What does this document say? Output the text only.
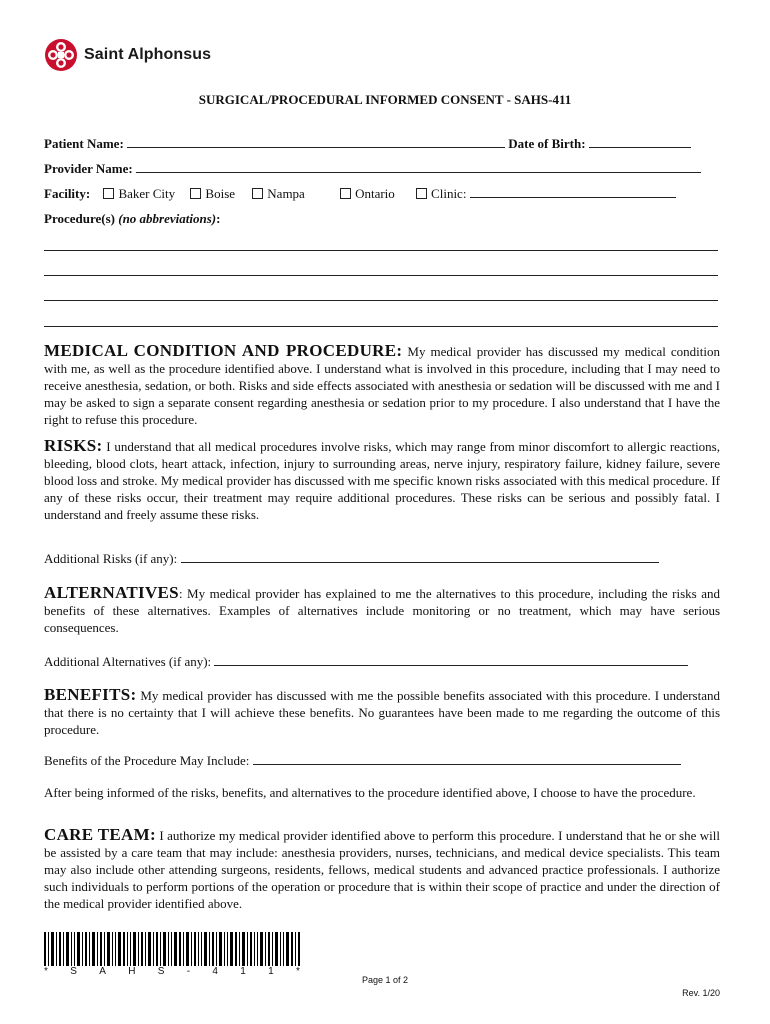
Saint Alphonsus
SURGICAL/PROCEDURAL INFORMED CONSENT - SAHS-411
Patient Name:	Date of Birth:
Provider Name:
Facility: Baker City Boise Nampa	Ontario	Clinic:
Procedure(s) (no abbreviations):
MEDICAL CONDITION AND PROCEDURE: My medical provider has discussed my medical condition with me, as well as the procedure identified above. I understand what is involved in this procedure, including that I may need to receive anesthesia, sedation, or both. Risks and side effects associated with anesthesia or sedation will be discussed with me and I may be asked to sign a separate consent regarding anesthesia or sedation prior to my procedure. I also understand that I have the right to refuse this procedure.
RISKS: I understand that all medical procedures involve risks, which may range from minor discomfort to allergic reactions, bleeding, blood clots, heart attack, infection, injury to surrounding areas, nerve injury, respiratory failure, kidney failure, severe blood loss and stroke. My medical provider has discussed with me specific known risks associated with this medical procedure. If any of these risks occur, their treatment may require additional procedures. These risks can be serious and possibly fatal. I understand and freely assume these risks.
Additional Risks (if any):
ALTERNATIVES: My medical provider has explained to me the alternatives to this procedure, including the risks and benefits of these alternatives. Examples of alternatives include monitoring or no treatment, which may have serious consequences.
Additional Alternatives (if any):
BENEFITS: My medical provider has discussed with me the possible benefits associated with this procedure. I understand that there is no certainty that I will achieve these benefits. No guarantees have been made to me regarding the outcome of this procedure.
Benefits of the Procedure May Include:
After being informed of the risks, benefits, and alternatives to the procedure identified above, I choose to have the procedure.
CARE TEAM: I authorize my medical provider identified above to perform this procedure. I understand that he or she will be assisted by a care team that may include: anesthesia providers, nurses, technicians, and medical device specialists. This team may also include other attending surgeons, residents, fellows, medical students and advanced practice professionals. I authorize such individuals to perform portions of the operation or procedure that is within their scope of practice and under the direction of the medical provider identified above.
* S A H S - 4 1 1 *
Page 1 of 2
Rev. 1/20
